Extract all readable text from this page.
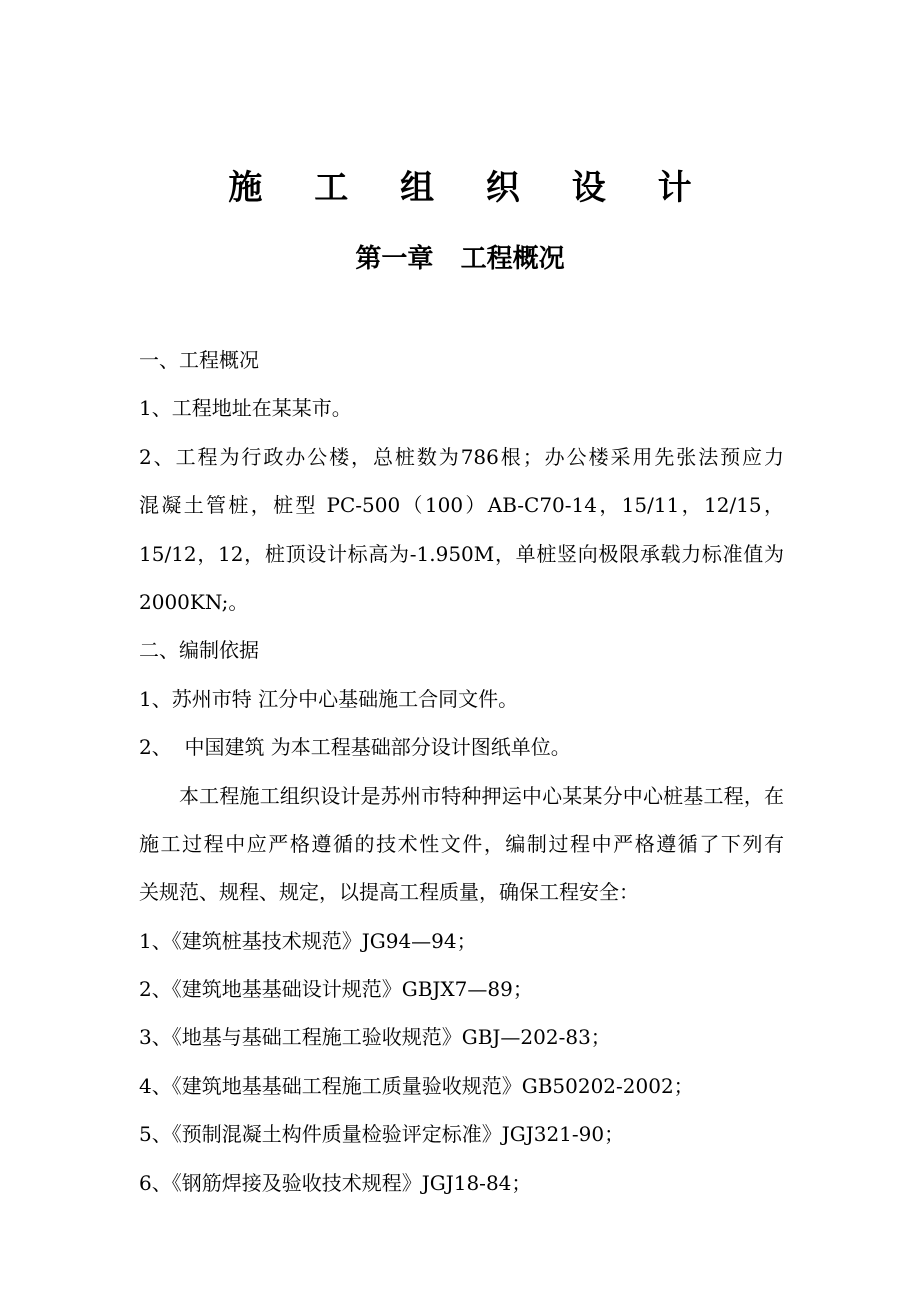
施 工 组 织 设 计
第一章   工程概况
一、工程概况
1、工程地址在某某市。
2、工程为行政办公楼，总桩数为786根；办公楼采用先张法预应力
混凝土管桩，桩型 PC-500（100）AB-C70-14，15/11，12/15，
15/12，12，桩顶设计标高为-1.950M，单桩竖向极限承载力标准值为
2000KN;。
二、编制依据
1、苏州市特 江分中心基础施工合同文件。
2、  中国建筑 为本工程基础部分设计图纸单位。
本工程施工组织设计是苏州市特种押运中心某某分中心桩基工程，在
施工过程中应严格遵循的技术性文件，编制过程中严格遵循了下列有
关规范、规程、规定，以提高工程质量，确保工程安全：
1、《建筑桩基技术规范》JG94—94；
2、《建筑地基基础设计规范》GBJX7—89；
3、《地基与基础工程施工验收规范》GBJ—202-83；
4、《建筑地基基础工程施工质量验收规范》GB50202-2002；
5、《预制混凝土构件质量检验评定标准》JGJ321-90；
6、《钢筋焊接及验收技术规程》JGJ18-84；
